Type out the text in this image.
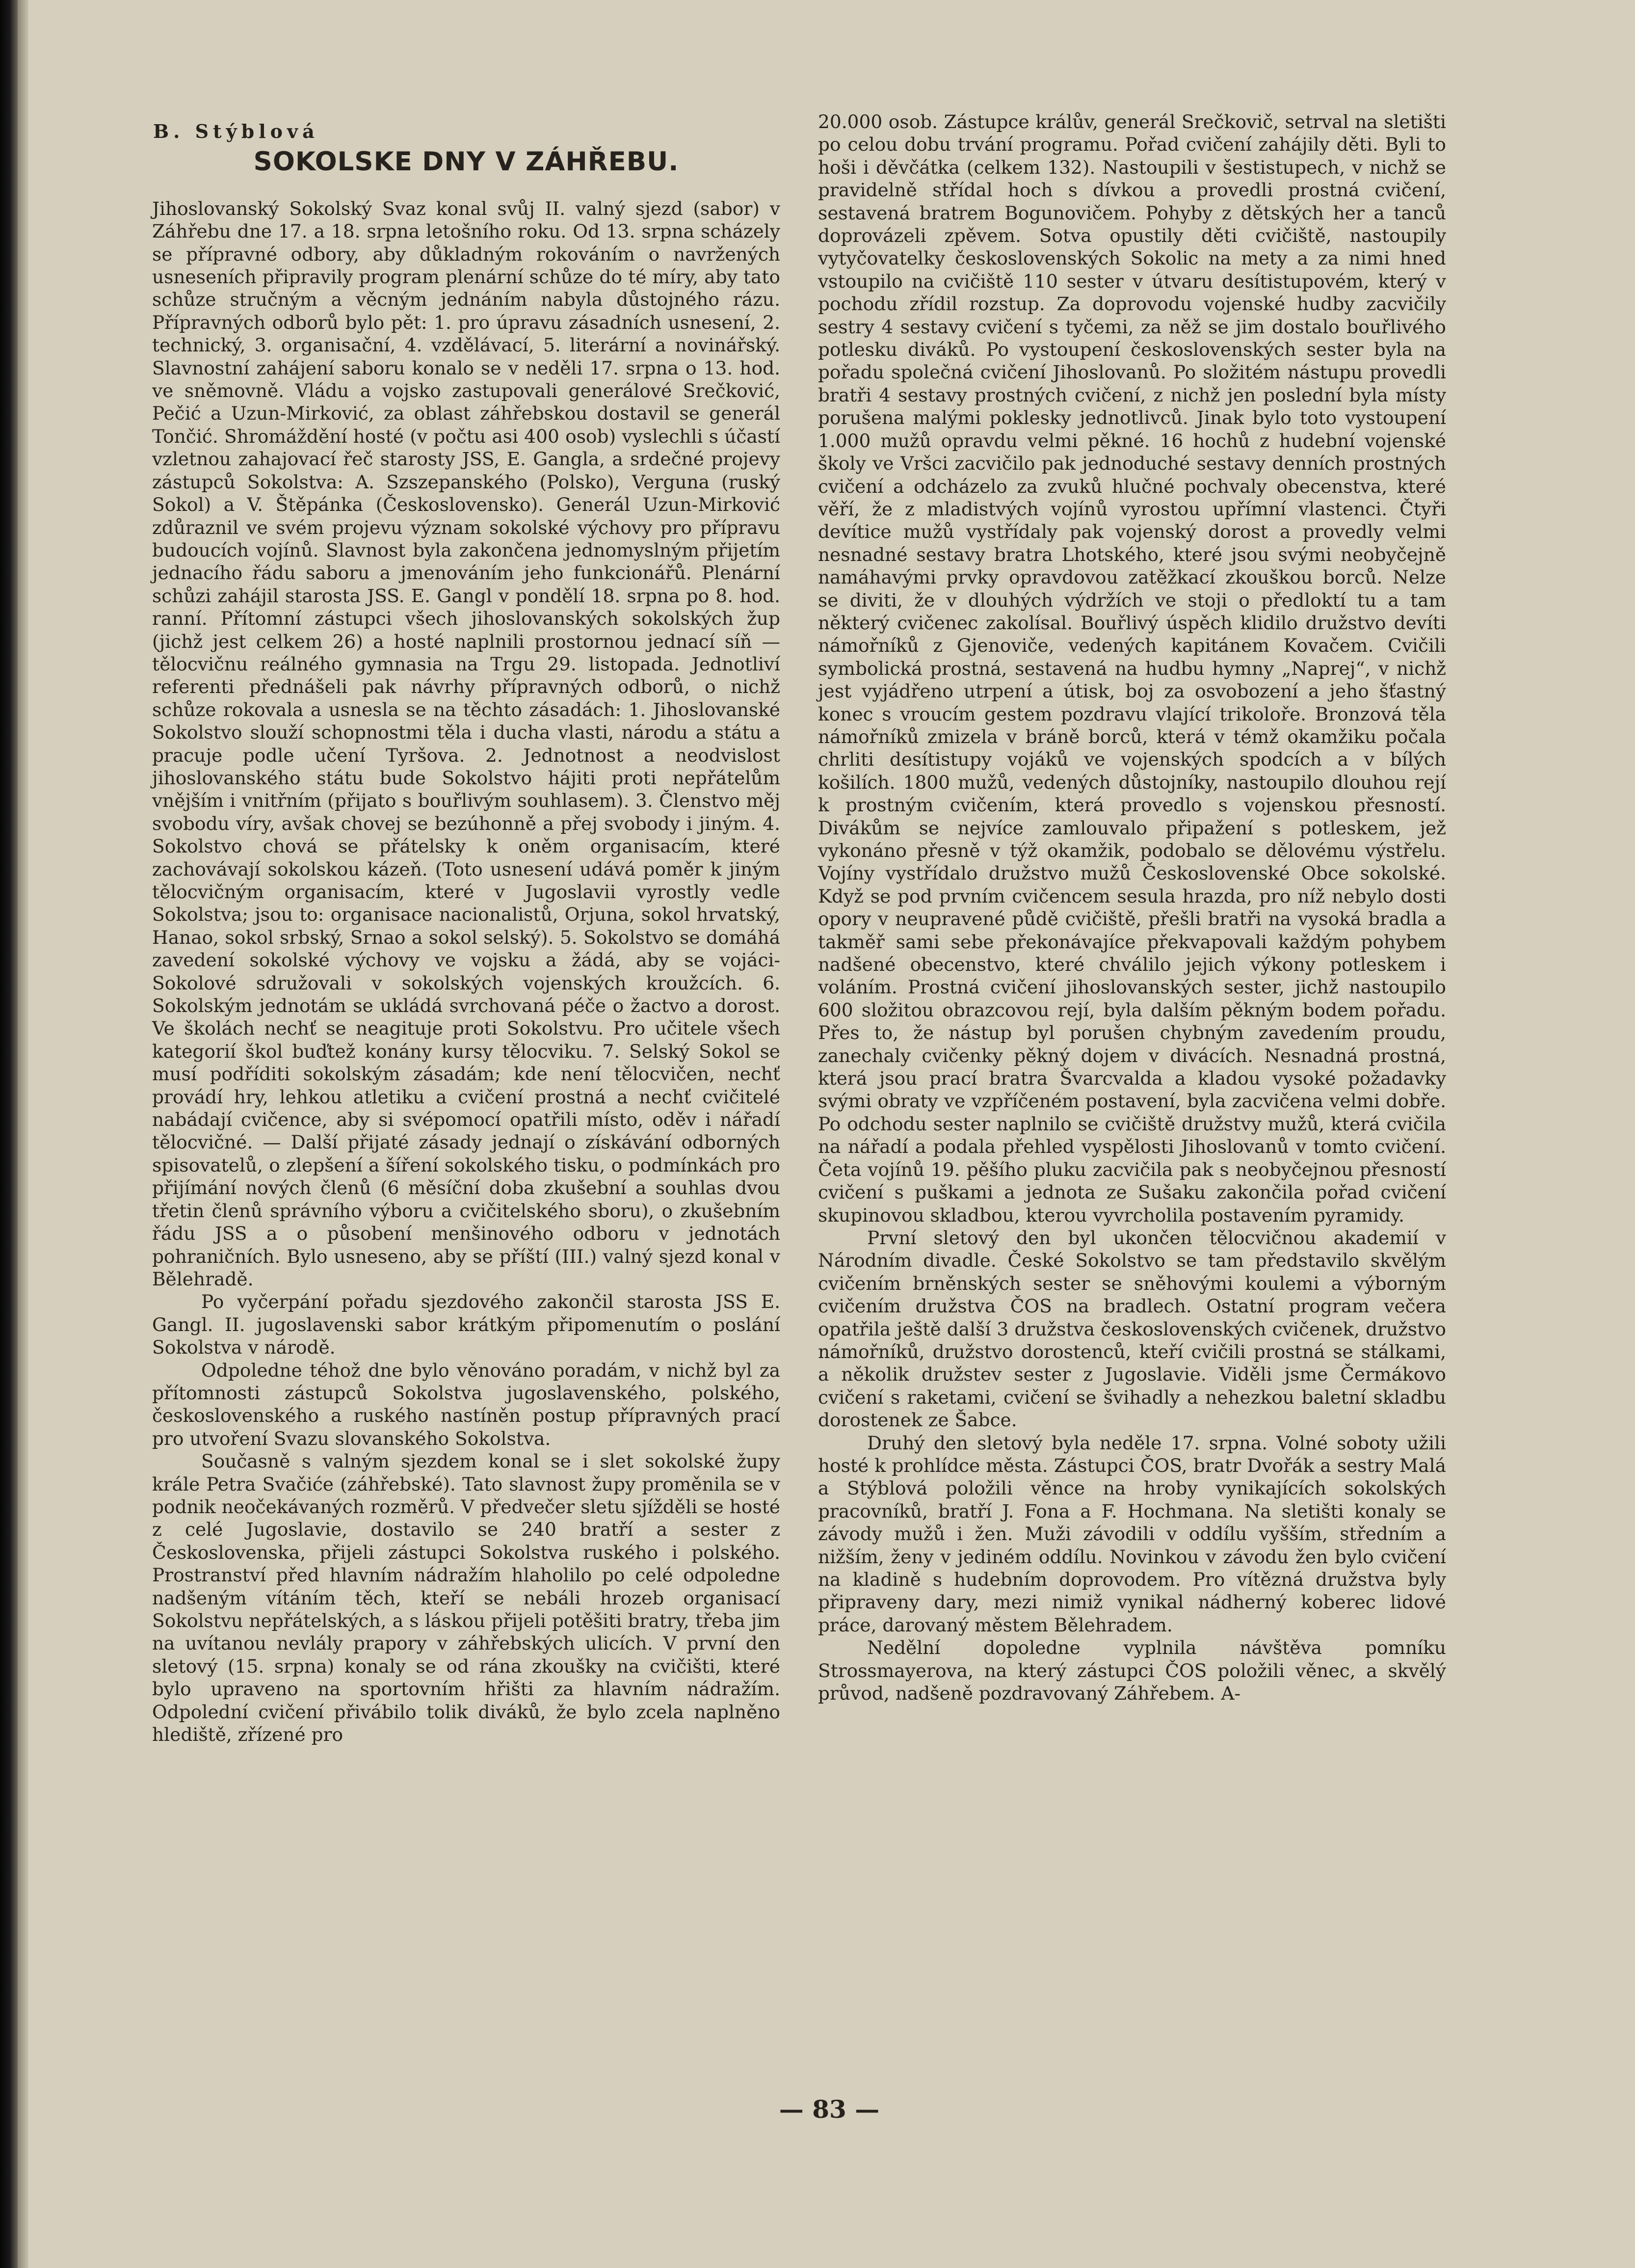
B. Stýblová
SOKOLSKE DNY V ZÁHŘEBU.

Jihoslovanský Sokolský Svaz konal svůj II. valný sjezd (sabor) v Záhřebu dne 17. a 18. srpna letošního roku. Od 13. srpna scházely se přípravné odbory, aby důkladným rokováním o navržených usneseních připravily program plenární schůze do té míry, aby tato schůze stručným a věcným jednáním nabyla důstojného rázu. Přípravných odborů bylo pět: 1. pro úpravu zásadních usnesení, 2. technický, 3. organisační, 4. vzdělávací, 5. literární a novinářský. Slavnostní zahájení saboru konalo se v neděli 17. srpna o 13. hod. ve sněmovně. Vládu a vojsko zastupovali generálové Srečković, Pečić a Uzun-Mirković, za oblast záhřebskou dostavil se generál Tončić. Shromáždění hosté (v počtu asi 400 osob) vyslechli s účastí vzletnou zahajovací řeč starosty JSS, E. Gangla, a srdečné projevy zástupců Sokolstva: A. Szszepanského (Polsko), Verguna (ruský Sokol) a V. Štěpánka (Československo). Generál Uzun-Mirković zdůraznil ve svém projevu význam sokolské výchovy pro přípravu budoucích vojínů. Slavnost byla zakončena jednomyslným přijetím jednacího řádu saboru a jmenováním jeho funkcionářů. Plenární schůzi zahájil starosta JSS. E. Gangl v pondělí 18. srpna po 8. hod. ranní. Přítomní zástupci všech jihoslovanských sokolských žup (jichž jest celkem 26) a hosté naplnili prostornou jednací síň — tělocvičnu reálného gymnasia na Trgu 29. listopada. Jednotliví referenti přednášeli pak návrhy přípravných odborů, o nichž schůze rokovala a usnesla se na těchto zásadách: 1. Jihoslovanské Sokolstvo slouží schopnostmi těla i ducha vlasti, národu a státu a pracuje podle učení Tyršova. 2. Jednotnost a neodvislost jihoslovanského státu bude Sokolstvo hájiti proti nepřátelům vnějším i vnitřním (přijato s bouřlivým souhlasem). 3. Členstvo měj svobodu víry, avšak chovej se bezúhonně a přej svobody i jiným. 4. Sokolstvo chová se přátelsky k oněm organisacím, které zachovávají sokolskou kázeň. (Toto usnesení udává poměr k jiným tělocvičným organisacím, které v Jugoslavii vyrostly vedle Sokolstva; jsou to: organisace nacionalistů, Orjuna, sokol hrvatský, Hanao, sokol srbský, Srnao a sokol selský). 5. Sokolstvo se domáhá zavedení sokolské výchovy ve vojsku a žádá, aby se vojáci-Sokolové sdružovali v sokolských vojenských kroužcích. 6. Sokolským jednotám se ukládá svrchovaná péče o žactvo a dorost. Ve školách nechť se neagituje proti Sokolstvu. Pro učitele všech kategorií škol buďtež konány kursy tělocviku. 7. Selský Sokol se musí podříditi sokolským zásadám; kde není tělocvičen, nechť provádí hry, lehkou atletiku a cvičení prostná a nechť cvičitelé nabádají cvičence, aby si svépomocí opatřili místo, oděv i nářadí tělocvičné. — Další přijaté zásady jednají o získávání odborných spisovatelů, o zlepšení a šíření sokolského tisku, o podmínkách pro přijímání nových členů (6 měsíční doba zkušební a souhlas dvou třetin členů správního výboru a cvičitelského sboru), o zkušebním řádu JSS a o působení menšinového odboru v jednotách pohraničních. Bylo usneseno, aby se příští (III.) valný sjezd konal v Bělehradě.

Po vyčerpání pořadu sjezdového zakončil starosta JSS E. Gangl. II. jugoslavenski sabor krátkým připomenutím o poslání Sokolstva v národě.

Odpoledne téhož dne bylo věnováno poradám, v nichž byl za přítomnosti zástupců Sokolstva jugoslavenského, polského, československého a ruského nastíněn postup přípravných prací pro utvoření Svazu slovanského Sokolstva.

Současně s valným sjezdem konal se i slet sokolské župy krále Petra Svačiće (záhřebské). Tato slavnost župy proměnila se v podnik neočekávaných rozměrů. V předvečer sletu sjížděli se hosté z celé Jugoslavie, dostavilo se 240 bratří a sester z Československa, přijeli zástupci Sokolstva ruského i polského. Prostranství před hlavním nádražím hlaholilo po celé odpoledne nadšeným vítáním těch, kteří se nebáli hrozeb organisací Sokolstvu nepřátelských, a s láskou přijeli potěšiti bratry, třeba jim na uvítanou nevlály prapory v záhřebských ulicích. V první den sletový (15. srpna) konaly se od rána zkoušky na cvičišti, které bylo upraveno na sportovním hřišti za hlavním nádražím. Odpolední cvičení přivábilo tolik diváků, že bylo zcela naplněno hlediště, zřízené pro

20.000 osob. Zástupce králův, generál Srečkovič, setrval na sletišti po celou dobu trvání programu. Pořad cvičení zahájily děti. Byli to hoši i děvčátka (celkem 132). Nastoupili v šestistupech, v nichž se pravidelně střídal hoch s dívkou a provedli prostná cvičení, sestavená bratrem Bogunovičem. Pohyby z dětských her a tanců doprovázeli zpěvem. Sotva opustily děti cvičiště, nastoupily vytyčovatelky československých Sokolic na mety a za nimi hned vstoupilo na cvičiště 110 sester v útvaru desítistupovém, který v pochodu zřídil rozstup. Za doprovodu vojenské hudby zacvičily sestry 4 sestavy cvičení s tyčemi, za něž se jim dostalo bouřlivého potlesku diváků. Po vystoupení československých sester byla na pořadu společná cvičení Jihoslovanů. Po složitém nástupu provedli bratři 4 sestavy prostných cvičení, z nichž jen poslední byla místy porušena malými poklesky jednotlivců. Jinak bylo toto vystoupení 1.000 mužů opravdu velmi pěkné. 16 hochů z hudební vojenské školy ve Vršci zacvičilo pak jednoduché sestavy denních prostných cvičení a odcházelo za zvuků hlučné pochvaly obecenstva, které věří, že z mladistvých vojínů vyrostou upřímní vlastenci. Čtyři devítice mužů vystřídaly pak vojenský dorost a provedly velmi nesnadné sestavy bratra Lhotského, které jsou svými neobyčejně namáhavými prvky opravdovou zatěžkací zkouškou borců. Nelze se diviti, že v dlouhých výdržích ve stoji o předloktí tu a tam některý cvičenec zakolísal. Bouřlivý úspěch klidilo družstvo devíti námořníků z Gjenoviče, vedených kapitánem Kovačem. Cvičili symbolická prostná, sestavená na hudbu hymny „Naprej“, v nichž jest vyjádřeno utrpení a útisk, boj za osvobození a jeho šťastný konec s vroucím gestem pozdravu vlající trikoloře. Bronzová těla námořníků zmizela v bráně borců, která v témž okamžiku počala chrliti desítistupy vojáků ve vojenských spodcích a v bílých košilích. 1800 mužů, vedených důstojníky, nastoupilo dlouhou rejí k prostným cvičením, která provedlo s vojenskou přesností. Divákům se nejvíce zamlouvalo připažení s potleskem, jež vykonáno přesně v týž okamžik, podobalo se dělovému výstřelu. Vojíny vystřídalo družstvo mužů Československé Obce sokolské. Když se pod prvním cvičencem sesula hrazda, pro níž nebylo dosti opory v neupravené půdě cvičiště, přešli bratři na vysoká bradla a takměř sami sebe překonávajíce překvapovali každým pohybem nadšené obecenstvo, které chválilo jejich výkony potleskem i voláním. Prostná cvičení jihoslovanských sester, jichž nastoupilo 600 složitou obrazcovou rejí, byla dalším pěkným bodem pořadu. Přes to, že nástup byl porušen chybným zavedením proudu, zanechaly cvičenky pěkný dojem v divácích. Nesnadná prostná, která jsou prací bratra Švarcvalda a kladou vysoké požadavky svými obraty ve vzpříčeném postavení, byla zacvičena velmi dobře. Po odchodu sester naplnilo se cvičiště družstvy mužů, která cvičila na nářadí a podala přehled vyspělosti Jihoslovanů v tomto cvičení. Četa vojínů 19. pěšího pluku zacvičila pak s neobyčejnou přesností cvičení s puškami a jednota ze Sušaku zakončila pořad cvičení skupinovou skladbou, kterou vyvrcholila postavením pyramidy.

První sletový den byl ukončen tělocvičnou akademií v Národním divadle. České Sokolstvo se tam představilo skvělým cvičením brněnských sester se sněhovými koulemi a výborným cvičením družstva ČOS na bradlech. Ostatní program večera opatřila ještě další 3 družstva československých cvičenek, družstvo námořníků, družstvo dorostenců, kteří cvičili prostná se stálkami, a několik družstev sester z Jugoslavie. Viděli jsme Čermákovo cvičení s raketami, cvičení se švihadly a nehezkou baletní skladbu dorostenek ze Šabce.

Druhý den sletový byla neděle 17. srpna. Volné soboty užili hosté k prohlídce města. Zástupci ČOS, bratr Dvořák a sestry Malá a Stýblová položili věnce na hroby vynikajících sokolských pracovníků, bratří J. Fona a F. Hochmana. Na sletišti konaly se závody mužů i žen. Muži závodili v oddílu vyšším, středním a nižším, ženy v jediném oddílu. Novinkou v závodu žen bylo cvičení na kladině s hudebním doprovodem. Pro vítězná družstva byly připraveny dary, mezi nimiž vynikal nádherný koberec lidové práce, darovaný městem Bělehradem.

Nedělní dopoledne vyplnila návštěva pomníku Strossmayerova, na který zástupci ČOS položili věnec, a skvělý průvod, nadšeně pozdravovaný Záhřebem. A-

— 83 —
